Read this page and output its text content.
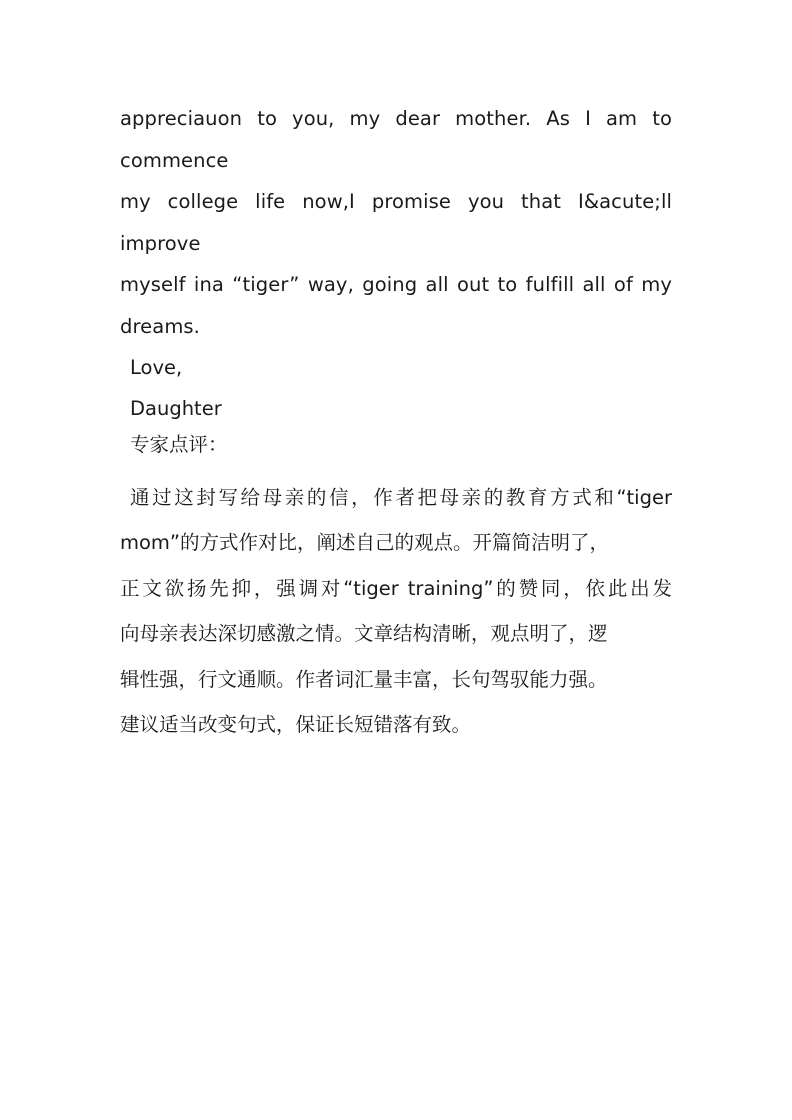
appreciauon to you, my dear mother. As I am to commence
my college life now,I promise you that I&acute;ll improve
myself ina “tiger” way, going all out to fulfill all of my
dreams.

Love,

Daughter

专家点评：

通过这封写给母亲的信，作者把母亲的教育方式和“tiger
mom”的方式作对比，阐述自己的观点。开篇简洁明了，
正文欲扬先抑，强调对“tiger training”的赞同，依此出发
向母亲表达深切感激之情。文章结构清晰，观点明了，逻
辑性强，行文通顺。作者词汇量丰富，长句驾驭能力强。
建议适当改变句式，保证长短错落有致。
